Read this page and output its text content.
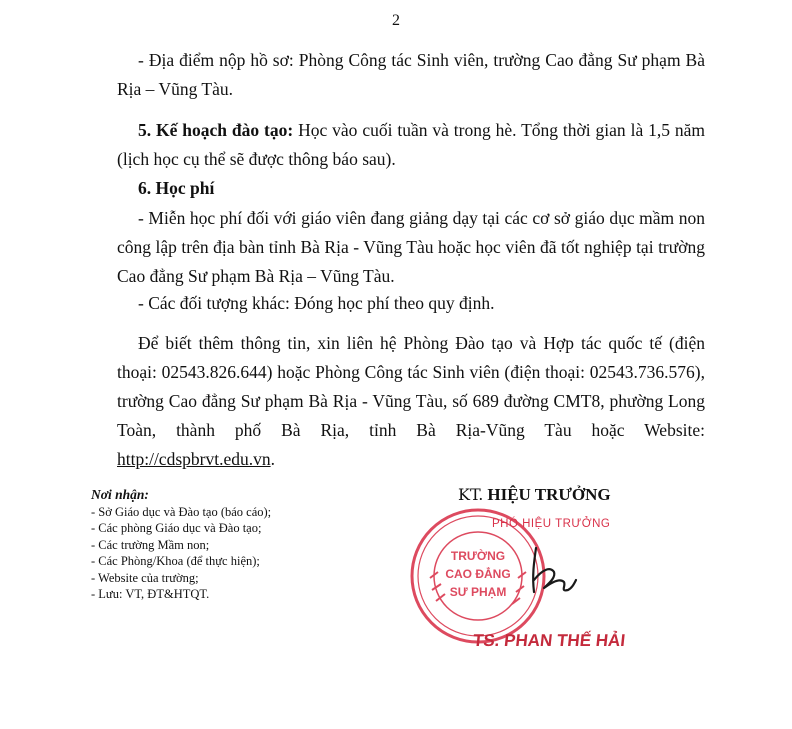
2

- Địa điểm nộp hồ sơ: Phòng Công tác Sinh viên, trường Cao đẳng Sư phạm Bà Rịa – Vũng Tàu.

5. Kế hoạch đào tạo: Học vào cuối tuần và trong hè. Tổng thời gian là 1,5 năm (lịch học cụ thể sẽ được thông báo sau).

6. Học phí

- Miễn học phí đối với giáo viên đang giảng dạy tại các cơ sở giáo dục mầm non công lập trên địa bàn tỉnh Bà Rịa - Vũng Tàu hoặc học viên đã tốt nghiệp tại trường Cao đẳng Sư phạm Bà Rịa – Vũng Tàu.

- Các đối tượng khác: Đóng học phí theo quy định.

Để biết thêm thông tin, xin liên hệ Phòng Đào tạo và Hợp tác quốc tế (điện thoại: 02543.826.644) hoặc Phòng Công tác Sinh viên (điện thoại: 02543.736.576), trường Cao đẳng Sư phạm Bà Rịa - Vũng Tàu, số 689 đường CMT8, phường Long Toàn, thành phố Bà Rịa, tỉnh Bà Rịa-Vũng Tàu hoặc Website: http://cdspbrvt.edu.vn.

Nơi nhận:
- Sở Giáo dục và Đào tạo (báo cáo);
- Các phòng Giáo dục và Đào tạo;
- Các trường Mầm non;
- Các Phòng/Khoa (để thực hiện);
- Website của trường;
- Lưu: VT, ĐT&HTQT.
TRƯỜNG
CAO ĐẲNG
SƯ PHẠM
KT. HIỆU TRƯỞNG
PHÓ HIỆU TRƯỞNG
TS. PHAN THẾ HẢI
